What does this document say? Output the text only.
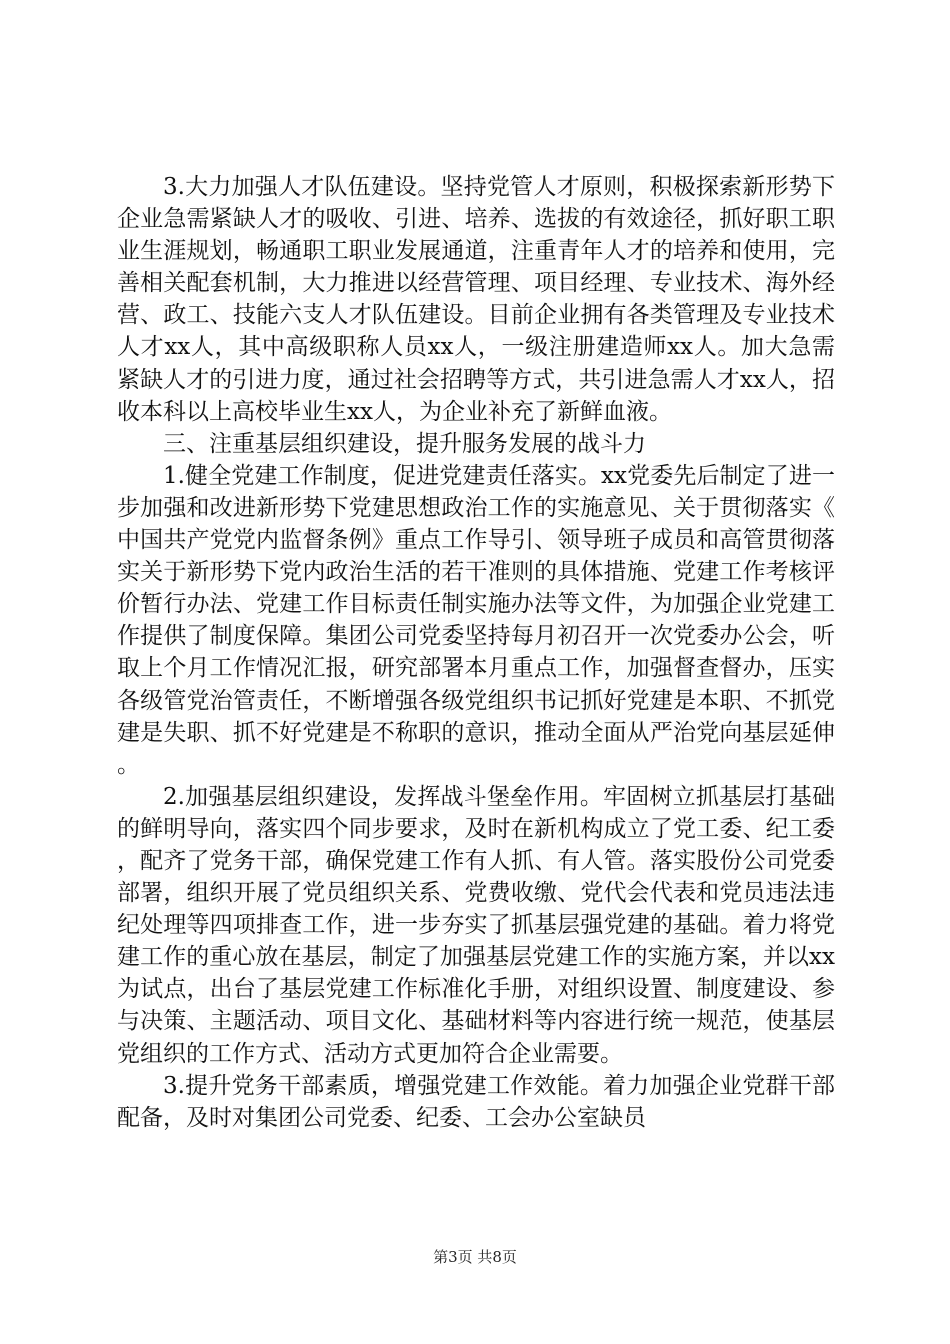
3.大力加强人才队伍建设。坚持党管人才原则，积极探索新形势下企业急需紧缺人才的吸收、引进、培养、选拔的有效途径，抓好职工职业生涯规划，畅通职工职业发展通道，注重青年人才的培养和使用，完善相关配套机制，大力推进以经营管理、项目经理、专业技术、海外经营、政工、技能六支人才队伍建设。目前企业拥有各类管理及专业技术人才xx人，其中高级职称人员xx人，一级注册建造师xx人。加大急需紧缺人才的引进力度，通过社会招聘等方式，共引进急需人才xx人，招收本科以上高校毕业生xx人，为企业补充了新鲜血液。

三、注重基层组织建设，提升服务发展的战斗力

1.健全党建工作制度，促进党建责任落实。xx党委先后制定了进一步加强和改进新形势下党建思想政治工作的实施意见、关于贯彻落实《中国共产党党内监督条例》重点工作导引、领导班子成员和高管贯彻落实关于新形势下党内政治生活的若干准则的具体措施、党建工作考核评价暂行办法、党建工作目标责任制实施办法等文件，为加强企业党建工作提供了制度保障。集团公司党委坚持每月初召开一次党委办公会，听取上个月工作情况汇报，研究部署本月重点工作，加强督查督办，压实各级管党治管责任，不断增强各级党组织书记抓好党建是本职、不抓党建是失职、抓不好党建是不称职的意识，推动全面从严治党向基层延伸。

2.加强基层组织建设，发挥战斗堡垒作用。牢固树立抓基层打基础的鲜明导向，落实四个同步要求，及时在新机构成立了党工委、纪工委，配齐了党务干部，确保党建工作有人抓、有人管。落实股份公司党委部署，组织开展了党员组织关系、党费收缴、党代会代表和党员违法违纪处理等四项排查工作，进一步夯实了抓基层强党建的基础。着力将党建工作的重心放在基层，制定了加强基层党建工作的实施方案，并以xx为试点，出台了基层党建工作标准化手册，对组织设置、制度建设、参与决策、主题活动、项目文化、基础材料等内容进行统一规范，使基层党组织的工作方式、活动方式更加符合企业需要。

3.提升党务干部素质，增强党建工作效能。着力加强企业党群干部配备，及时对集团公司党委、纪委、工会办公室缺员

第3页 共8页
